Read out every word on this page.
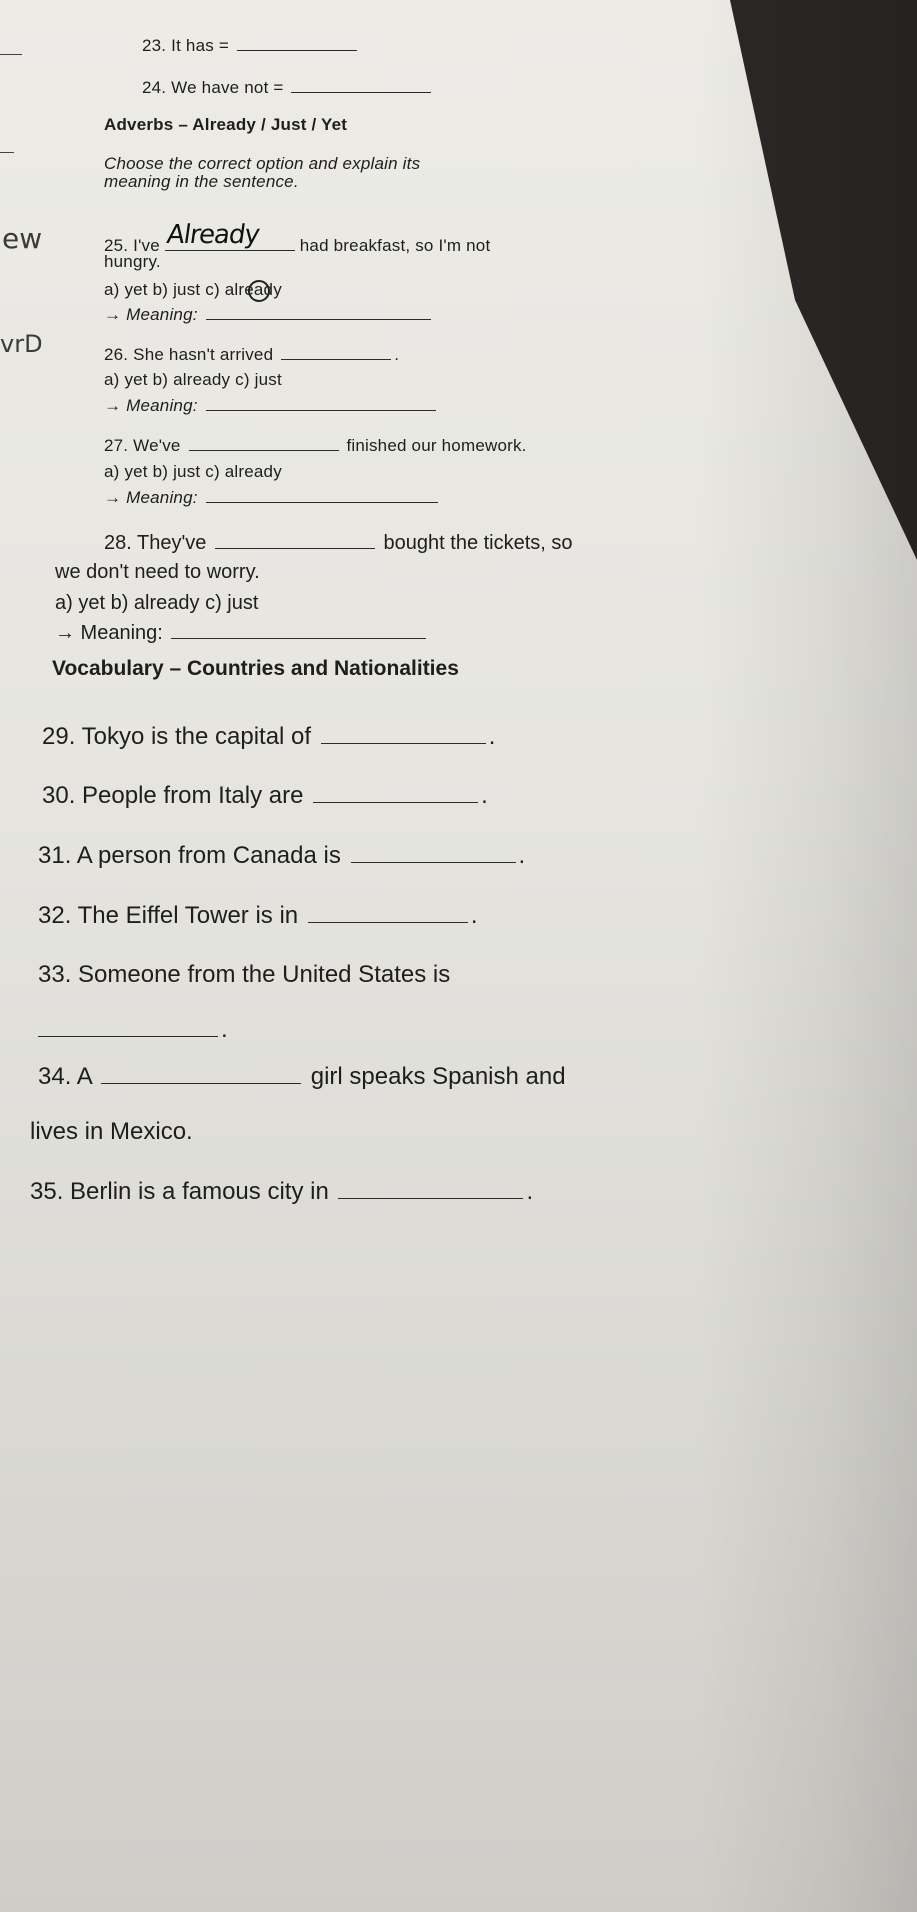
ew
vrD
23. It has =
24. We have not =
Adverbs – Already / Just / Yet
Choose the correct option and explain its
meaning in the sentence.
25. I've Already had breakfast, so I'm not
hungry.
a) yet b) just c) already
→ Meaning:
26. She hasn't arrived	.
a) yet b) already c) just
→ Meaning:
27. We've	finished our homework.
a) yet b) just c) already
→ Meaning:
28. They've	bought the tickets, so
we don't need to worry.
a) yet b) already c) just
→ Meaning:
Vocabulary – Countries and Nationalities
29. Tokyo is the capital of	.
30. People from Italy are	.
31. A person from Canada is	.
32. The Eiffel Tower is in	.
33. Someone from the United States is
.
34. A	girl speaks Spanish and
lives in Mexico.
35. Berlin is a famous city in	.
